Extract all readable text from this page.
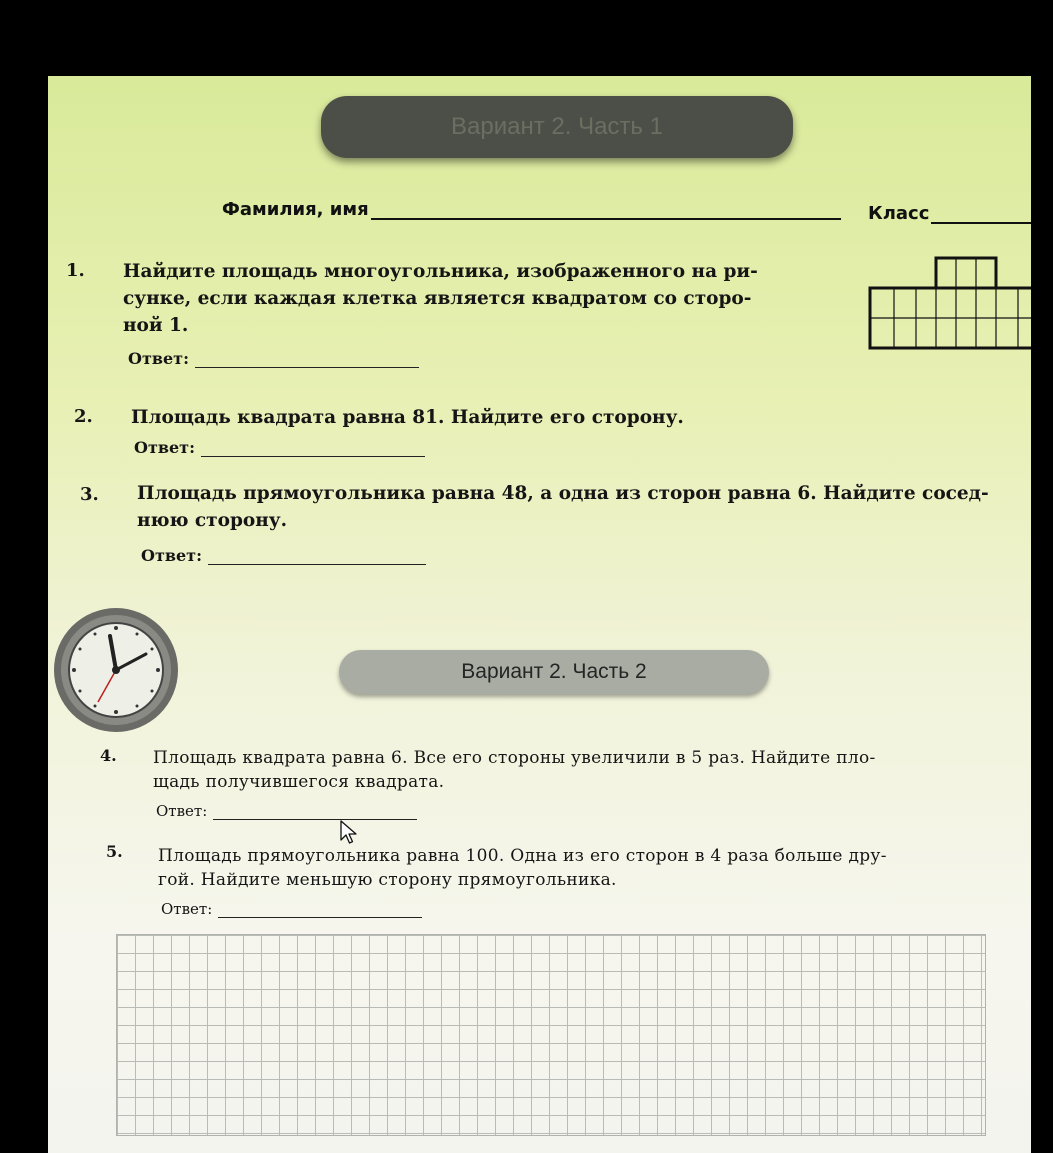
Вариант 2. Часть 1
Фамилия, имя	Класс
1. Найдите площадь многоугольника, изображенного на ри-
сунке, если каждая клетка является квадратом со сторо-
ной 1.
Ответ:
2. Площадь квадрата равна 81. Найдите его сторону.
Ответ:
3. Площадь прямоугольника равна 48, а одна из сторон равна 6. Найдите сосед-
нюю сторону.
Ответ:
Вариант 2. Часть 2
4. Площадь квадрата равна 6. Все его стороны увеличили в 5 раз. Найдите пло-
щадь получившегося квадрата.
Ответ:
5. Площадь прямоугольника равна 100. Одна из его сторон в 4 раза больше дру-
гой. Найдите меньшую сторону прямоугольника.
Ответ:
